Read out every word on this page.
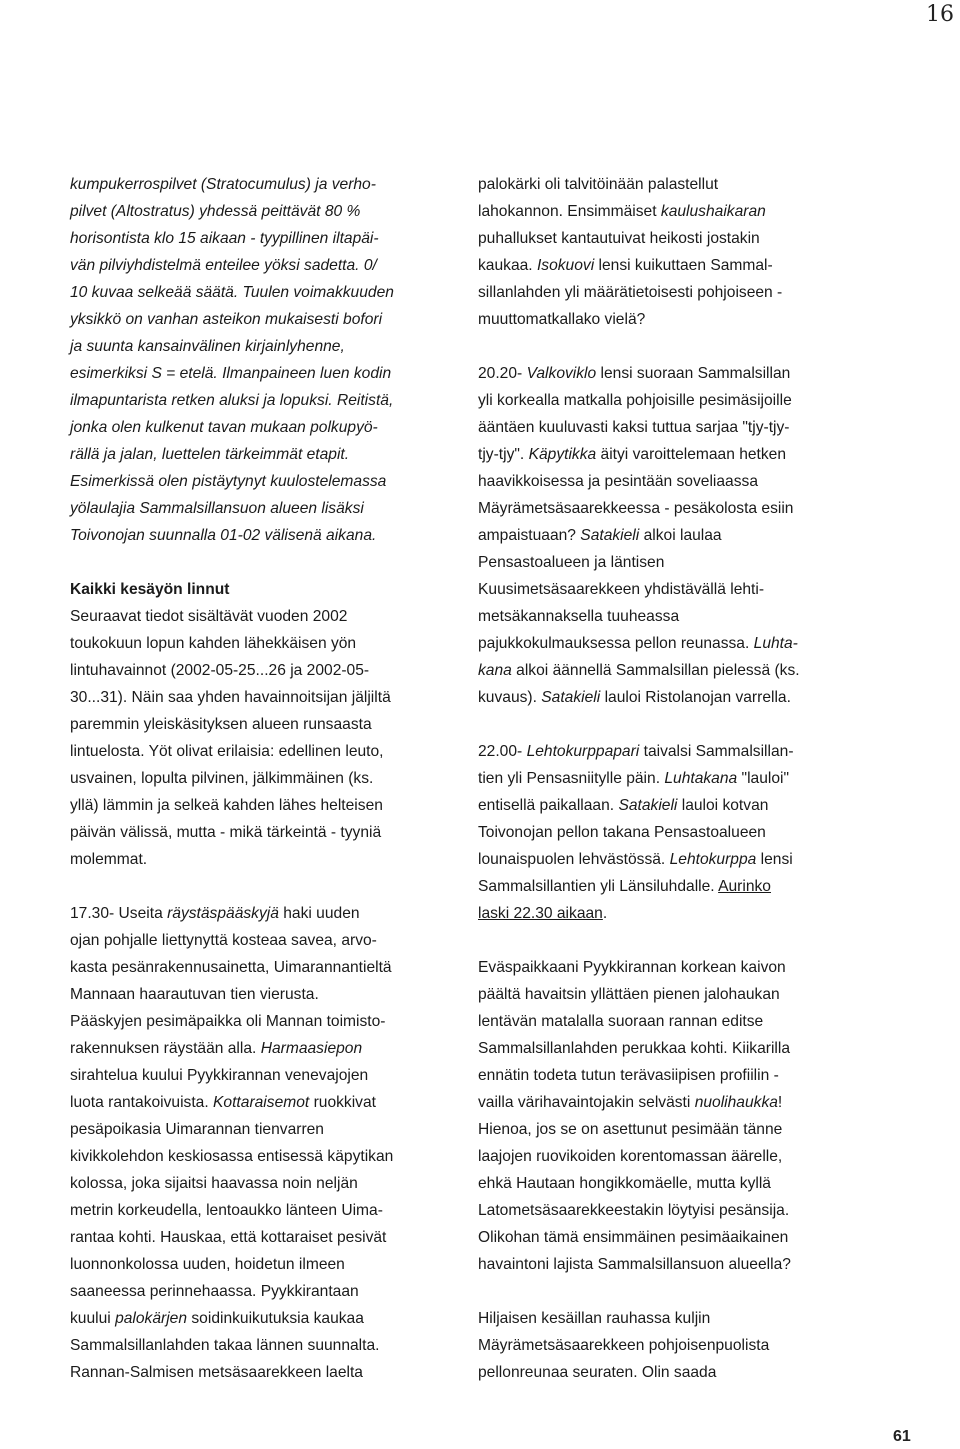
16
kumpukerrospilvet (Stratocumulus) ja verho-
pilvet (Altostratus) yhdessä peittävät 80 %
horisontista klo 15 aikaan - tyypillinen iltapäi-
vän pilviyhdistelmä enteilee yöksi sadetta. 0/
10 kuvaa selkeää säätä. Tuulen voimakkuuden
yksikkö on vanhan asteikon mukaisesti bofori
ja suunta kansainvälinen kirjainlyhenne,
esimerkiksi S = etelä. Ilmanpaineen luen kodin
ilmapuntarista retken aluksi ja lopuksi. Reitistä,
jonka olen kulkenut tavan mukaan polkupyö-
rällä ja jalan, luettelen tärkeimmät etapit.
Esimerkissä olen pistäytynyt kuulostelemassa
yölaulajia Sammalsillansuon alueen lisäksi
Toivonojan suunnalla 01-02 välisenä aikana.
Kaikki kesäyön linnut
Seuraavat tiedot sisältävät vuoden 2002
toukokuun lopun kahden lähekkäisen yön
lintuhavainnot (2002-05-25...26 ja 2002-05-
30...31). Näin saa yhden havainnoitsijan jäljiltä
paremmin yleiskäsityksen alueen runsaasta
lintuelosta. Yöt olivat erilaisia: edellinen leuto,
usvainen, lopulta pilvinen, jälkimmäinen (ks.
yllä) lämmin ja selkeä kahden lähes helteisen
päivän välissä, mutta - mikä tärkeintä - tyyniä
molemmat.
17.30- Useita räystäspääskyjä haki uuden
ojan pohjalle liettynyttä kosteaa savea, arvo-
kasta pesänrakennusainetta, Uimarannantieltä
Mannaan haarautuvan tien vierusta.
Pääskyjen pesimäpaikka oli Mannan toimisto-
rakennuksen räystään alla. Harmaasiepon
sirahtelua kuului Pyykkirannan venevajojen
luota rantakoivuista. Kottaraisemot ruokkivat
pesäpoikasia Uimarannan tienvarren
kivikkolehdon keskiosassa entisessä käpytikan
kolossa, joka sijaitsi haavassa noin neljän
metrin korkeudella, lentoaukko länteen Uima-
rantaa kohti. Hauskaa, että kottaraiset pesivät
luonnonkolossa uuden, hoidetun ilmeen
saaneessa perinnehaassa. Pyykkirantaan
kuului palokärjen soidinkuikutuksia kaukaa
Sammalsillanlahden takaa lännen suunnalta.
Rannan-Salmisen metsäsaarekkeen laelta
palokärki oli talvitöinään palastellut
lahokannon. Ensimmäiset kaulushaikaran
puhallukset kantautuivat heikosti jostakin
kaukaa. Isokuovi lensi kuikuttaen Sammal-
sillanlahden yli määrätietoisesti pohjoiseen -
muuttomatkallako vielä?
20.20- Valkoviklo lensi suoraan Sammalsillan
yli korkealla matkalla pohjoisille pesimäsijoille
ääntäen kuuluvasti kaksi tuttua sarjaa "tjy-tjy-
tjy-tjy". Käpytikka äityi varoittelemaan hetken
haavikkoisessa ja pesintään soveliaassa
Mäyrämetsäsaarekkeessa - pesäkolosta esiin
ampaistuaan? Satakieli alkoi laulaa
Pensastoalueen ja läntisen
Kuusimetsäsaarekkeen yhdistävällä lehti-
metsäkannaksella tuuheassa
pajukkokulmauksessa pellon reunassa. Luhta-
kana alkoi äännellä Sammalsillan pielessä (ks.
kuvaus). Satakieli lauloi Ristolanojan varrella.
22.00- Lehtokurppapari taivalsi Sammalsillan-
tien yli Pensasniitylle päin. Luhtakana "lauloi"
entisellä paikallaan. Satakieli lauloi kotvan
Toivonojan pellon takana Pensastoalueen
lounaispuolen lehvästössä. Lehtokurppa lensi
Sammalsillantien yli Länsiluhdalle. Aurinko
laski 22.30 aikaan.
Eväspaikkaani Pyykkirannan korkean kaivon
päältä havaitsin yllättäen pienen jalohaukan
lentävän matalalla suoraan rannan editse
Sammalsillanlahden perukkaa kohti. Kiikarilla
ennätin todeta tutun terävasiipisen profiilin -
vailla värihavaintojakin selvästi nuolihaukka!
Hienoa, jos se on asettunut pesimään tänne
laajojen ruovikoiden korentomassan äärelle,
ehkä Hautaan hongikkomäelle, mutta kyllä
Latometsäsaarekkeestakin löytyisi pesänsija.
Olikohan tämä ensimmäinen pesimäaikainen
havaintoni lajista Sammalsillansuon alueella?
Hiljaisen kesäillan rauhassa kuljin
Mäyrämetsäsaarekkeen pohjoisenpuolista
pellonreunaa seuraten. Olin saada
61
